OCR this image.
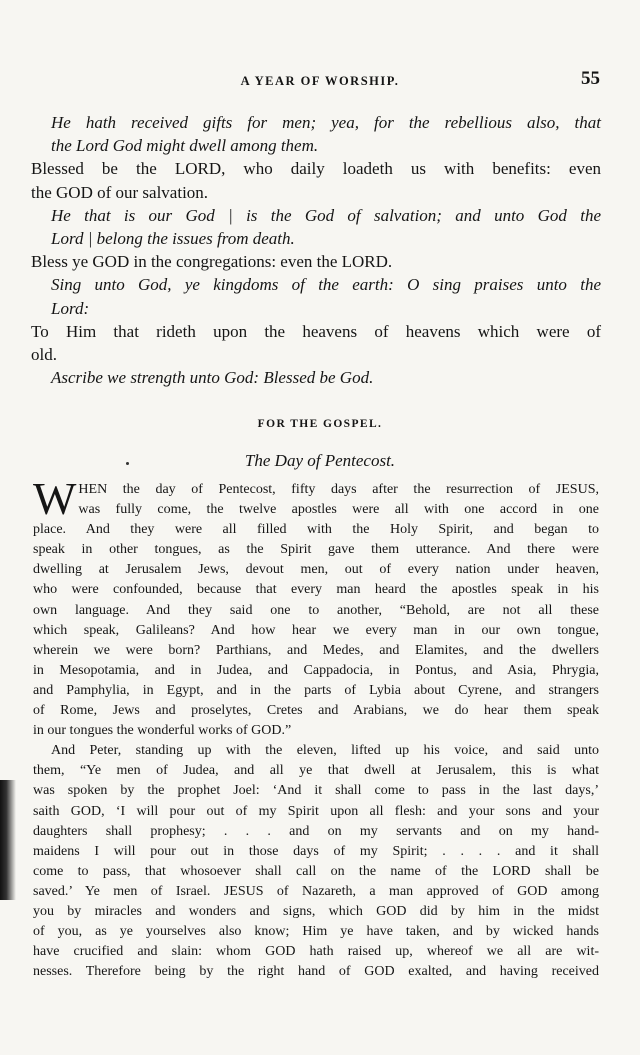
A YEAR OF WORSHIP.	55

He hath received gifts for men; yea, for the rebellious also, that
the Lord God might dwell among them.

Blessed be the LORD, who daily loadeth us with benefits: even
the GOD of our salvation.

He that is our God | is the God of salvation; and unto God the
Lord | belong the issues from death.

Bless ye GOD in the congregations: even the LORD.

Sing unto God, ye kingdoms of the earth: O sing praises unto the
Lord:

To Him that rideth upon the heavens of heavens which were of
old.

Ascribe we strength unto God: Blessed be God.

FOR THE GOSPEL.
The Day of Pentecost.
W HEN the day of Pentecost, fifty days after the resurrection of JESUS,
was fully come, the twelve apostles were all with one accord in one
place. And they were all filled with the Holy Spirit, and began to
speak in other tongues, as the Spirit gave them utterance. And there were
dwelling at Jerusalem Jews, devout men, out of every nation under heaven,
who were confounded, because that every man heard the apostles speak in his
own language. And they said one to another, “Behold, are not all these
which speak, Galileans? And how hear we every man in our own tongue,
wherein we were born? Parthians, and Medes, and Elamites, and the dwellers
in Mesopotamia, and in Judea, and Cappadocia, in Pontus, and Asia, Phrygia,
and Pamphylia, in Egypt, and in the parts of Lybia about Cyrene, and strangers
of Rome, Jews and proselytes, Cretes and Arabians, we do hear them speak
in our tongues the wonderful works of GOD.”
And Peter, standing up with the eleven, lifted up his voice, and said unto
them, “Ye men of Judea, and all ye that dwell at Jerusalem, this is what
was spoken by the prophet Joel: ‘And it shall come to pass in the last days,’
saith GOD, ‘I will pour out of my Spirit upon all flesh: and your sons and your
daughters shall prophesy; . . . and on my servants and on my hand-
maidens I will pour out in those days of my Spirit; . . . . and it shall
come to pass, that whosoever shall call on the name of the LORD shall be
saved.’ Ye men of Israel. JESUS of Nazareth, a man approved of GOD among
you by miracles and wonders and signs, which GOD did by him in the midst
of you, as ye yourselves also know; Him ye have taken, and by wicked hands
have crucified and slain: whom GOD hath raised up, whereof we all are wit-
nesses. Therefore being by the right hand of GOD exalted, and having received
